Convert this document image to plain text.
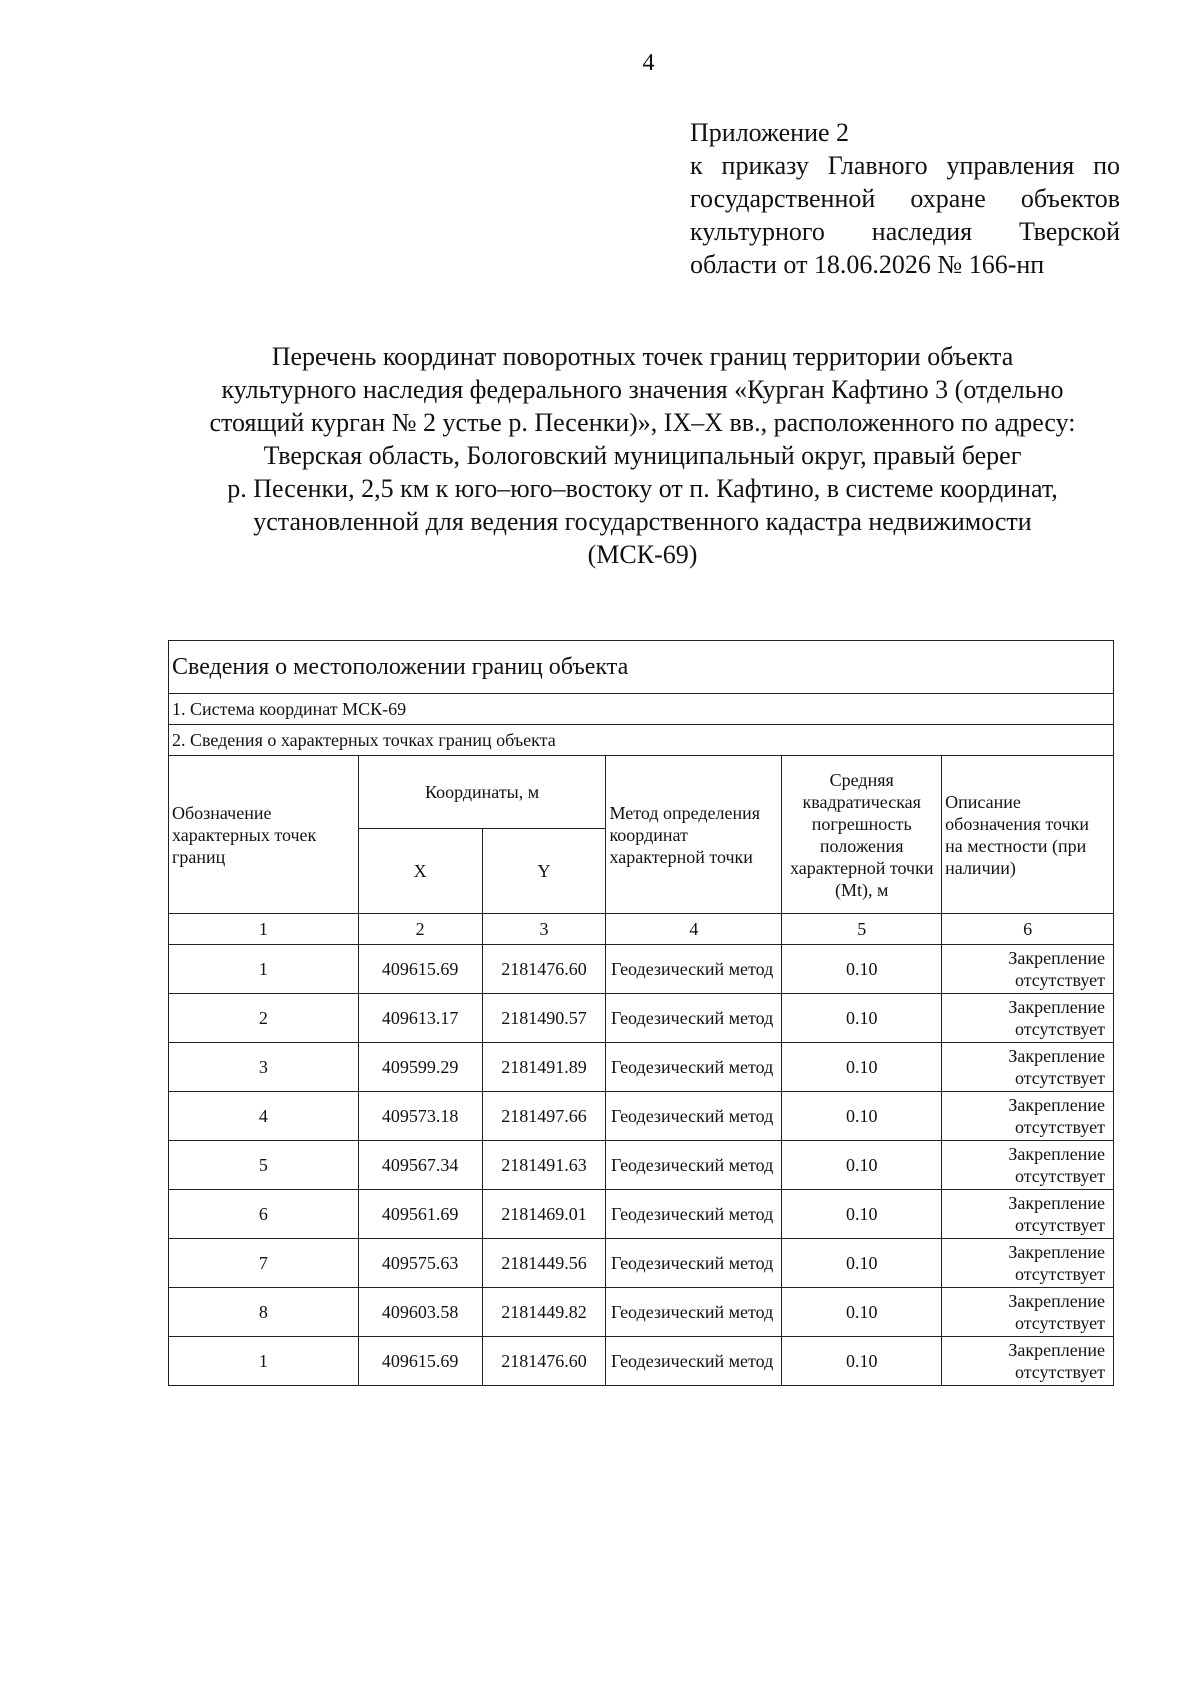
4
Приложение 2
к приказу Главного управления по государственной охране объектов культурного наследия Тверской области от 18.06.2026 № 166-нп
Перечень координат поворотных точек границ территории объекта
культурного наследия федерального значения «Курган Кафтино 3 (отдельно
стоящий курган № 2 устье р. Песенки)», IX–X вв., расположенного по адресу:
Тверская область, Бологовский муниципальный округ, правый берег
р. Песенки, 2,5 км к юго–юго–востоку от п. Кафтино, в системе координат,
установленной для ведения государственного кадастра недвижимости
(МСК-69)
Сведения о местоположении границ объекта					
1. Система координат МСК-69					
2. Сведения о характерных точках границ объекта					
Обозначение характерных точек границ	Координаты, м		Метод определения координат характерной точки	Средняя квадратическая погрешность положения характерной точки (Mt), м	Описание обозначения точки на местности (при наличии)
	X	Y			
1	2	3	4	5	6
1	409615.69	2181476.60	Геодезический метод	0.10	Закрепление отсутствует
2	409613.17	2181490.57	Геодезический метод	0.10	Закрепление отсутствует
3	409599.29	2181491.89	Геодезический метод	0.10	Закрепление отсутствует
4	409573.18	2181497.66	Геодезический метод	0.10	Закрепление отсутствует
5	409567.34	2181491.63	Геодезический метод	0.10	Закрепление отсутствует
6	409561.69	2181469.01	Геодезический метод	0.10	Закрепление отсутствует
7	409575.63	2181449.56	Геодезический метод	0.10	Закрепление отсутствует
8	409603.58	2181449.82	Геодезический метод	0.10	Закрепление отсутствует
1	409615.69	2181476.60	Геодезический метод	0.10	Закрепление отсутствует
